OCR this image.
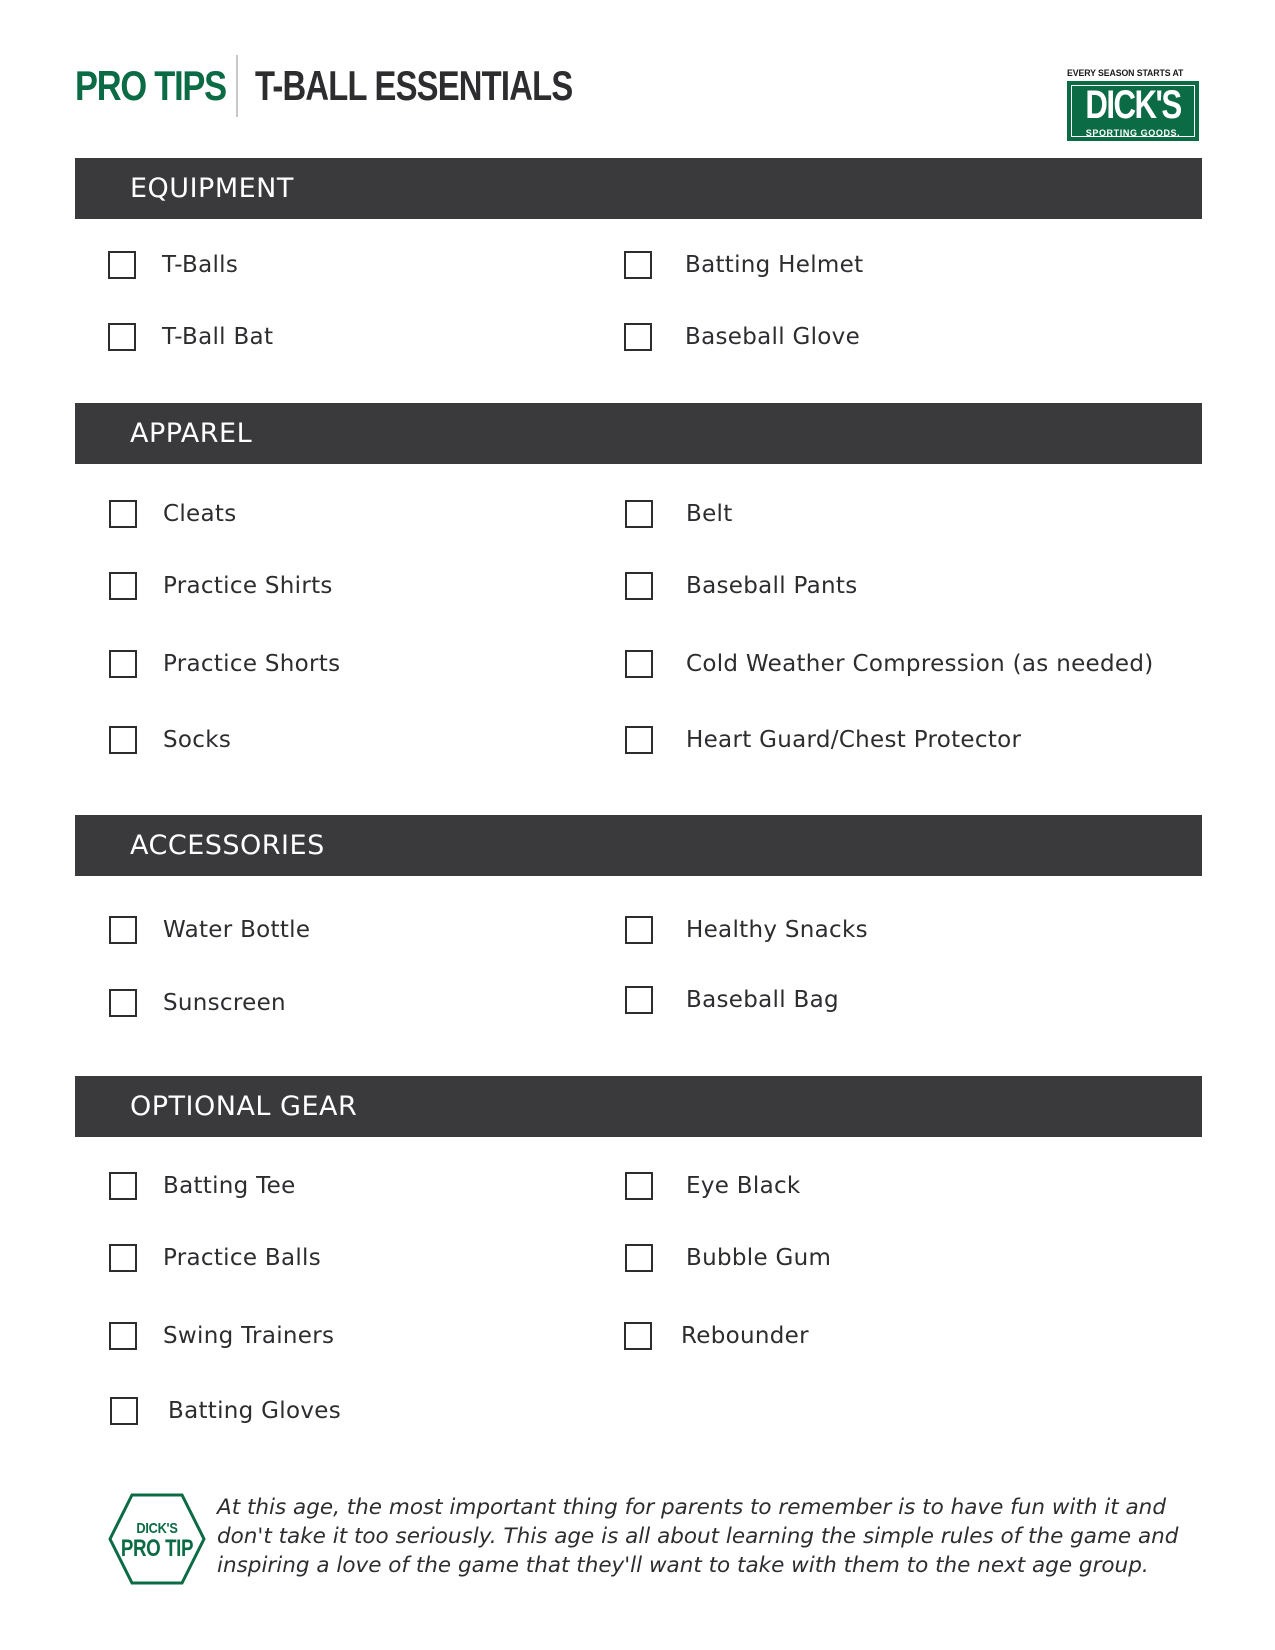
PRO TIPS T-BALL ESSENTIALS	EVERY SEASON STARTS AT
DICK'S
SPORTING GOODS.
EQUIPMENT
T-Balls
T-Ball Bat
Batting Helmet
Baseball Glove
APPAREL
Cleats
Practice Shirts
Practice Shorts
Socks
Belt
Baseball Pants
Cold Weather Compression (as needed)
Heart Guard/Chest Protector
ACCESSORIES
Water Bottle
Sunscreen
Healthy Snacks
Baseball Bag
OPTIONAL GEAR
Batting Tee
Practice Balls
Swing Trainers
Batting Gloves
Eye Black
Bubble Gum
Rebounder
DICK'S
PRO TIP
At this age, the most important thing for parents to remember is to have fun with it and don't take it too seriously. This age is all about learning the simple rules of the game and inspiring a love of the game that they'll want to take with them to the next age group.
